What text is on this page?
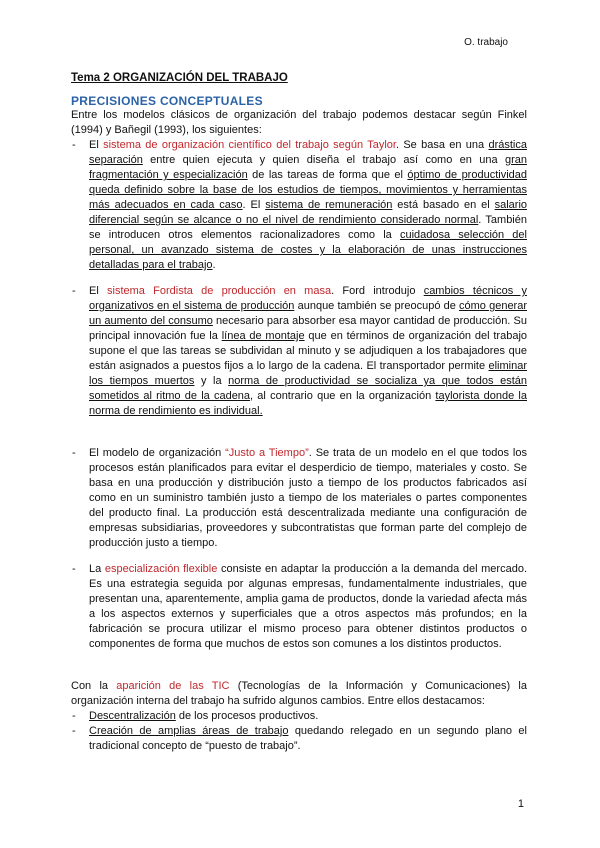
O. trabajo
Tema 2 ORGANIZACIÓN DEL TRABAJO
PRECISIONES CONCEPTUALES
Entre los modelos clásicos de organización del trabajo podemos destacar según Finkel (1994) y Bañegil (1993), los siguientes:
- El sistema de organización científico del trabajo según Taylor. Se basa en una drástica separación entre quien ejecuta y quien diseña el trabajo así como en una gran fragmentación y especialización de las tareas de forma que el óptimo de productividad queda definido sobre la base de los estudios de tiempos, movimientos y herramientas más adecuados en cada caso. El sistema de remuneración está basado en el salario diferencial según se alcance o no el nivel de rendimiento considerado normal. También se introducen otros elementos racionalizadores como la cuidadosa selección del personal, un avanzado sistema de costes y la elaboración de unas instrucciones detalladas para el trabajo.
- El sistema Fordista de producción en masa. Ford introdujo cambios técnicos y organizativos en el sistema de producción aunque también se preocupó de cómo generar un aumento del consumo necesario para absorber esa mayor cantidad de producción. Su principal innovación fue la línea de montaje que en términos de organización del trabajo supone el que las tareas se subdividan al minuto y se adjudiquen a los trabajadores que están asignados a puestos fijos a lo largo de la cadena. El transportador permite eliminar los tiempos muertos y la norma de productividad se socializa ya que todos están sometidos al ritmo de la cadena, al contrario que en la organización taylorista donde la norma de rendimiento es individual.
- El modelo de organización “Justo a Tiempo”. Se trata de un modelo en el que todos los procesos están planificados para evitar el desperdicio de tiempo, materiales y costo. Se basa en una producción y distribución justo a tiempo de los productos fabricados así como en un suministro también justo a tiempo de los materiales o partes componentes del producto final. La producción está descentralizada mediante una configuración de empresas subsidiarias, proveedores y subcontratistas que forman parte del complejo de producción justo a tiempo.
- La especialización flexible consiste en adaptar la producción a la demanda del mercado. Es una estrategia seguida por algunas empresas, fundamentalmente industriales, que presentan una, aparentemente, amplia gama de productos, donde la variedad afecta más a los aspectos externos y superficiales que a otros aspectos más profundos; en la fabricación se procura utilizar el mismo proceso para obtener distintos productos o componentes de forma que muchos de estos son comunes a los distintos productos.
Con la aparición de las TIC (Tecnologías de la Información y Comunicaciones) la organización interna del trabajo ha sufrido algunos cambios. Entre ellos destacamos:
- Descentralización de los procesos productivos.
- Creación de amplias áreas de trabajo quedando relegado en un segundo plano el tradicional concepto de “puesto de trabajo”.
1
